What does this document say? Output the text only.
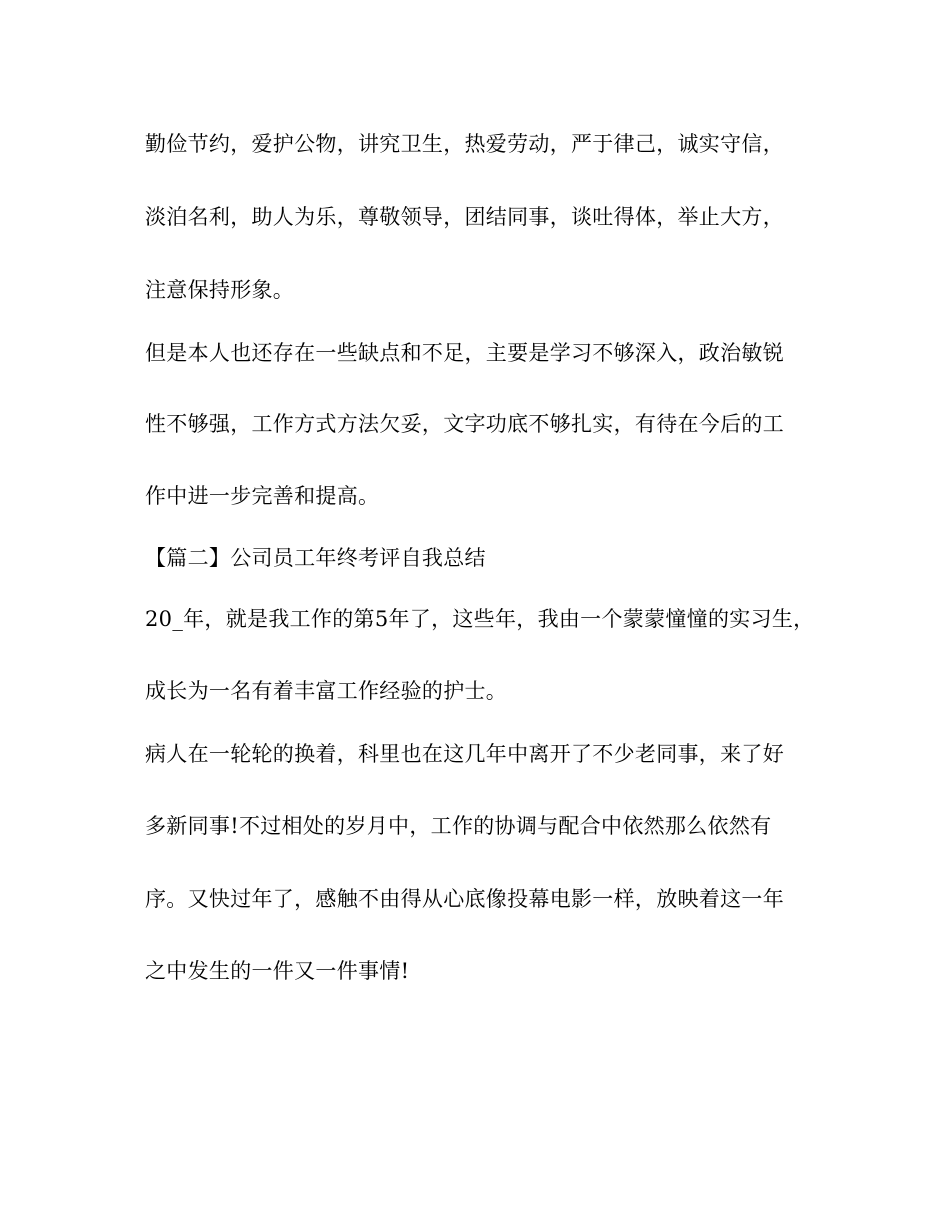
勤俭节约，爱护公物，讲究卫生，热爱劳动，严于律己，诚实守信，

淡泊名利，助人为乐，尊敬领导，团结同事，谈吐得体，举止大方，

注意保持形象。

但是本人也还存在一些缺点和不足，主要是学习不够深入，政治敏锐

性不够强，工作方式方法欠妥，文字功底不够扎实，有待在今后的工

作中进一步完善和提高。

【篇二】公司员工年终考评自我总结

20_年，就是我工作的第5年了，这些年，我由一个蒙蒙憧憧的实习生，

成长为一名有着丰富工作经验的护士。

病人在一轮轮的换着，科里也在这几年中离开了不少老同事，来了好

多新同事!不过相处的岁月中，工作的协调与配合中依然那么依然有

序。又快过年了，感触不由得从心底像投幕电影一样，放映着这一年

之中发生的一件又一件事情!
